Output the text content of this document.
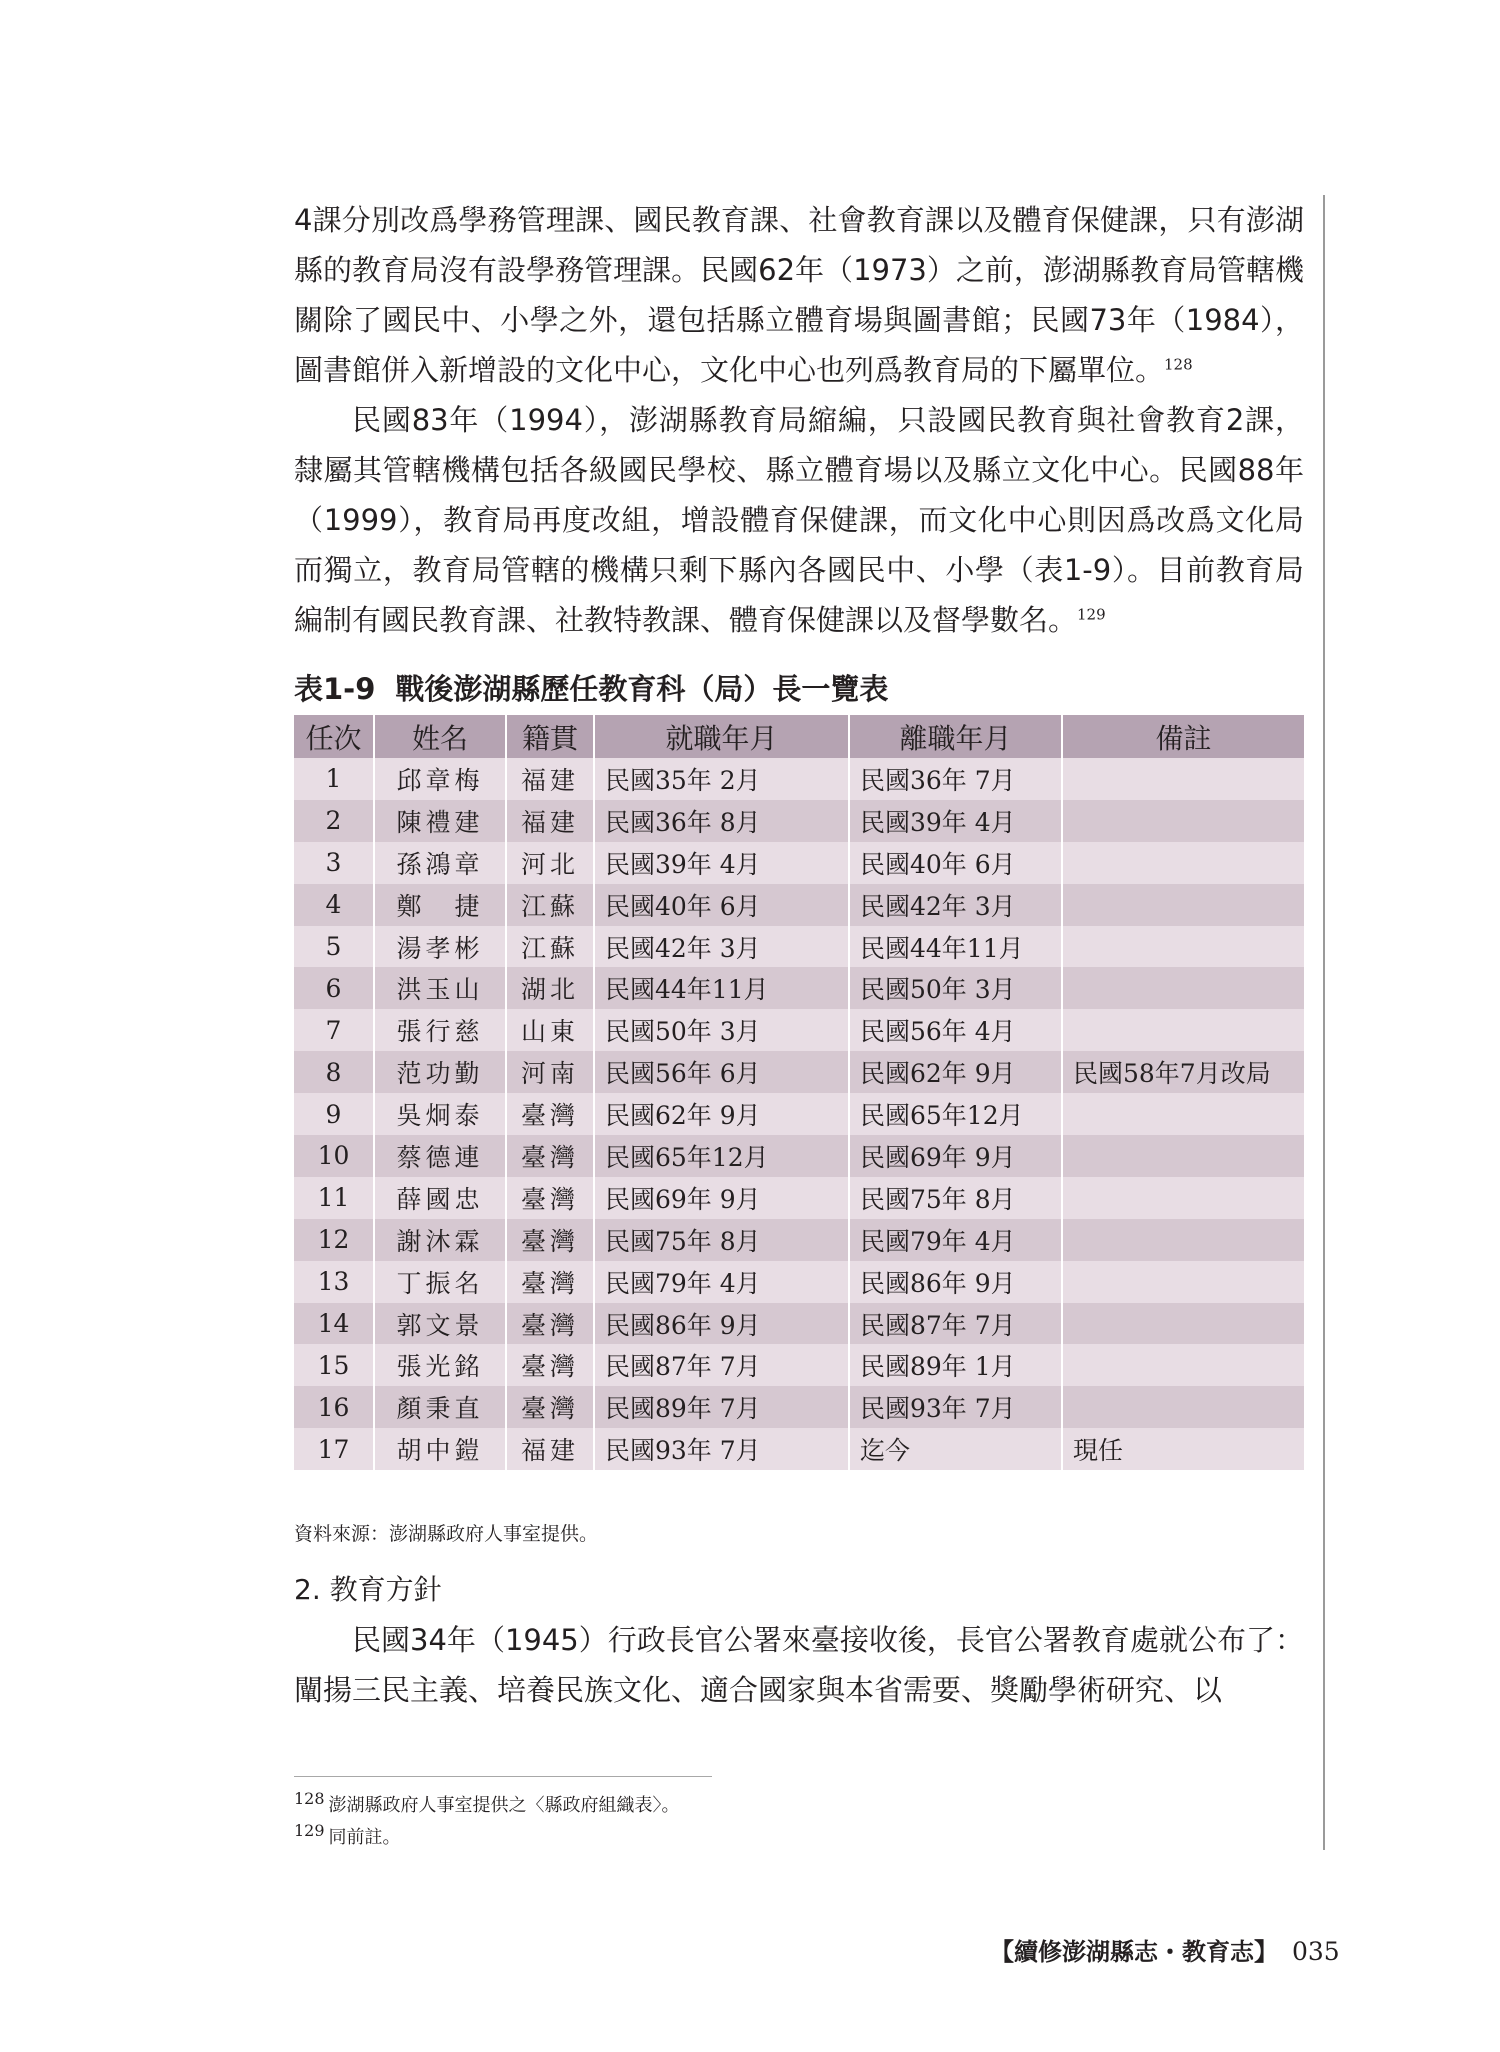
4課分別改爲學務管理課、國民教育課、社會教育課以及體育保健課，只有澎湖縣的教育局沒有設學務管理課。民國62年（1973）之前，澎湖縣教育局管轄機關除了國民中、小學之外，還包括縣立體育場與圖書館；民國73年（1984），圖書館併入新增設的文化中心，文化中心也列爲教育局的下屬單位。$^{128}$

民國83年（1994），澎湖縣教育局縮編，只設國民教育與社會教育2課，隸屬其管轄機構包括各級國民學校、縣立體育場以及縣立文化中心。民國88年（1999），教育局再度改組，增設體育保健課，而文化中心則因爲改爲文化局而獨立，教育局管轄的機構只剩下縣內各國民中、小學（表1-9）。目前教育局編制有國民教育課、社教特教課、體育保健課以及督學數名。$^{129}$

表1-9 戰後澎湖縣歷任教育科（局）長一覽表
任次	姓名	籍貫	就職年月	離職年月	備註
1	邱章梅	福建	民國35年 2月	民國36年 7月	
2	陳禮建	福建	民國36年 8月	民國39年 4月	
3	孫鴻章	河北	民國39年 4月	民國40年 6月	
4	鄭　捷	江蘇	民國40年 6月	民國42年 3月	
5	湯孝彬	江蘇	民國42年 3月	民國44年11月	
6	洪玉山	湖北	民國44年11月	民國50年 3月	
7	張行慈	山東	民國50年 3月	民國56年 4月	
8	范功勤	河南	民國56年 6月	民國62年 9月	民國58年7月改局
9	吳炯泰	臺灣	民國62年 9月	民國65年12月	
10	蔡德連	臺灣	民國65年12月	民國69年 9月	
11	薛國忠	臺灣	民國69年 9月	民國75年 8月	
12	謝沐霖	臺灣	民國75年 8月	民國79年 4月	
13	丁振名	臺灣	民國79年 4月	民國86年 9月	
14	郭文景	臺灣	民國86年 9月	民國87年 7月	
15	張光銘	臺灣	民國87年 7月	民國89年 1月	
16	顏秉直	臺灣	民國89年 7月	民國93年 7月	
17	胡中鎧	福建	民國93年 7月	迄今	現任
資料來源：澎湖縣政府人事室提供。
2. 教育方針

民國34年（1945）行政長官公署來臺接收後，長官公署教育處就公布了：闡揚三民主義、培養民族文化、適合國家與本省需要、獎勵學術研究、以

128 澎湖縣政府人事室提供之〈縣政府組織表〉。
129 同前註。
【續修澎湖縣志・教育志】 035
